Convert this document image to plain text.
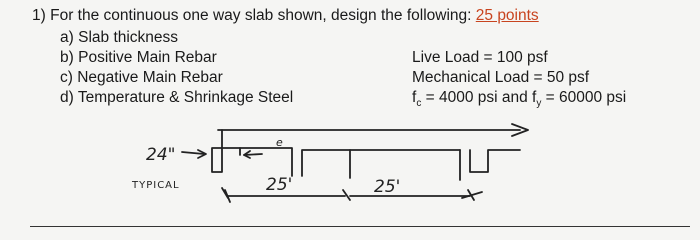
1) For the continuous one way slab shown, design the following: 25 points
a) Slab thickness
b) Positive Main Rebar
c) Negative Main Rebar
d) Temperature & Shrinkage Steel
Live Load = 100 psf
Mechanical Load = 50 psf
$f_c = 4000$ psi and $f_y = 60000$ psi
24"
TYPICAL	25'	25'
e
